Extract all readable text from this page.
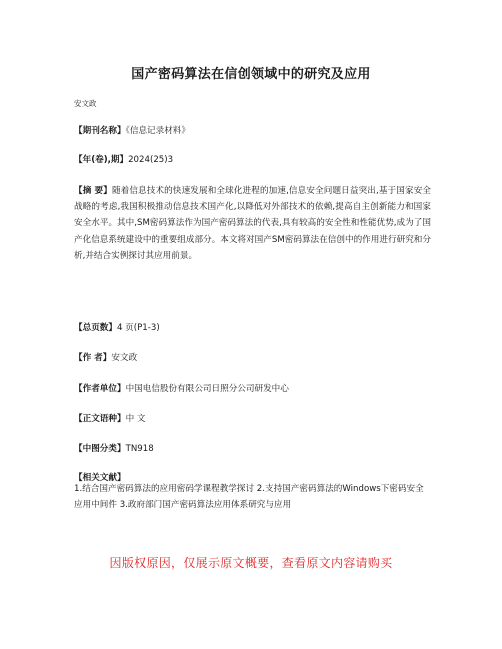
国产密码算法在信创领域中的研究及应用
安文政
【期刊名称】《信息记录材料》
【年(卷),期】2024(25)3
【摘 要】随着信息技术的快速发展和全球化进程的加速,信息安全问题日益突出,基于国家安全战略的考虑,我国积极推动信息技术国产化,以降低对外部技术的依赖,提高自主创新能力和国家安全水平。其中,SM密码算法作为国产密码算法的代表,具有较高的安全性和性能优势,成为了国产化信息系统建设中的重要组成部分。本文将对国产SM密码算法在信创中的作用进行研究和分析,并结合实例探讨其应用前景。
【总页数】4 页(P1-3)
【作 者】安文政
【作者单位】中国电信股份有限公司日照分公司研发中心
【正文语种】中 文
【中图分类】TN918
【相关文献】
1.结合国产密码算法的应用密码学课程教学探讨 2.支持国产密码算法的Windows下密码安全应用中间件 3.政府部门国产密码算法应用体系研究与应用
因版权原因，仅展示原文概要，查看原文内容请购买
